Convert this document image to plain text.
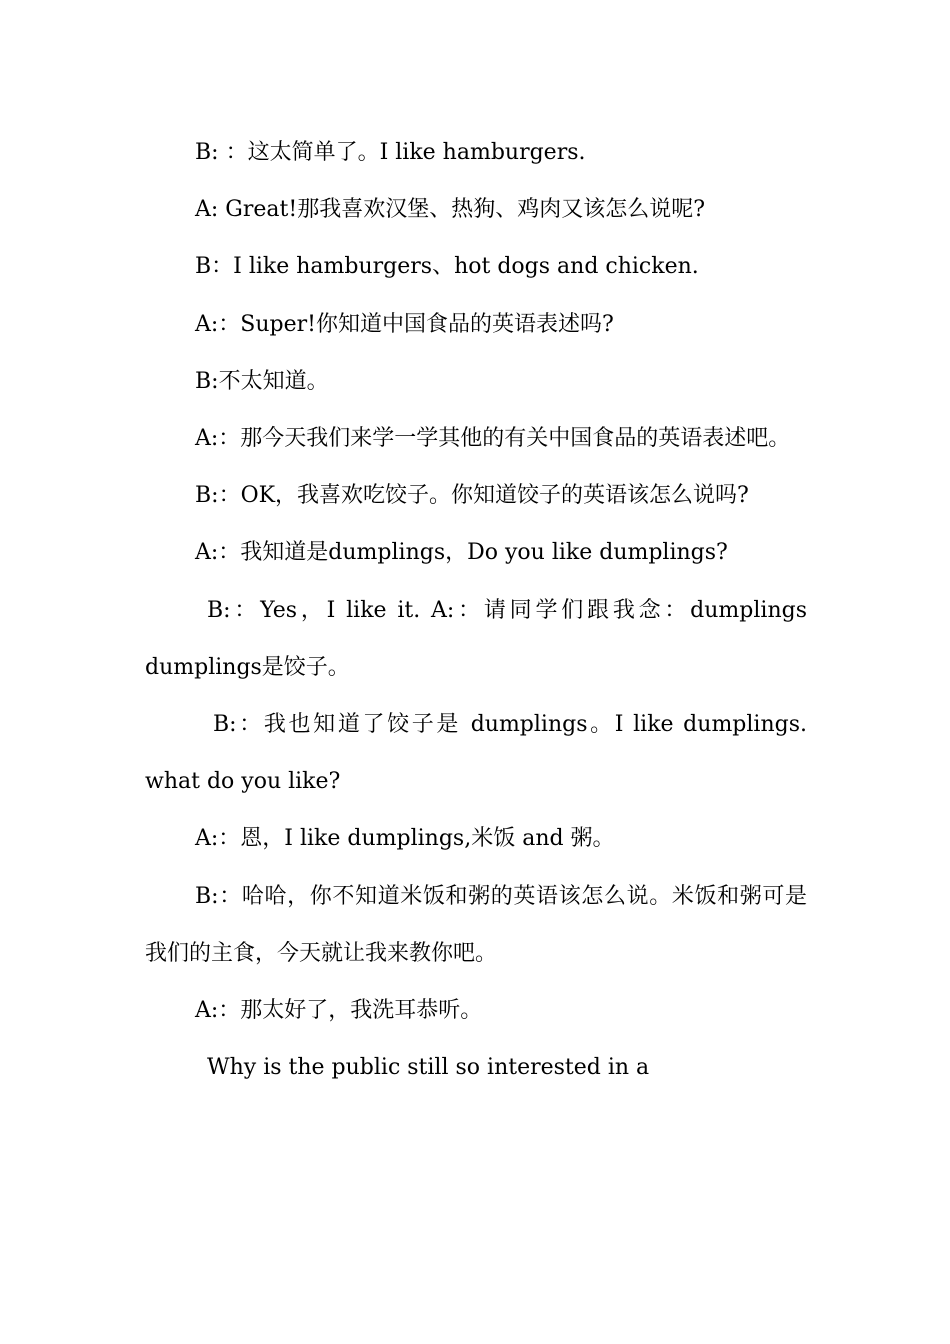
B: ：这太简单了。I like hamburgers.

A: Great!那我喜欢汉堡、热狗、鸡肉又该怎么说呢?

B：I like hamburgers、hot dogs and chicken.

A:：Super!你知道中国食品的英语表述吗?

B:不太知道。

A:：那今天我们来学一学其他的有关中国食品的英语表述吧。

B:：OK，我喜欢吃饺子。你知道饺子的英语该怎么说吗?

A:：我知道是dumplings，Do you like dumplings?

B:：Yes，I like it. A:：请同学们跟我念：dumplings dumplings是饺子。

B:：我也知道了饺子是 dumplings。I like dumplings. what do you like?

A:：恩，I like dumplings,米饭 and 粥。

B:：哈哈，你不知道米饭和粥的英语该怎么说。米饭和粥可是我们的主食，今天就让我来教你吧。

A:：那太好了，我洗耳恭听。

Why is the public still so interested in a
